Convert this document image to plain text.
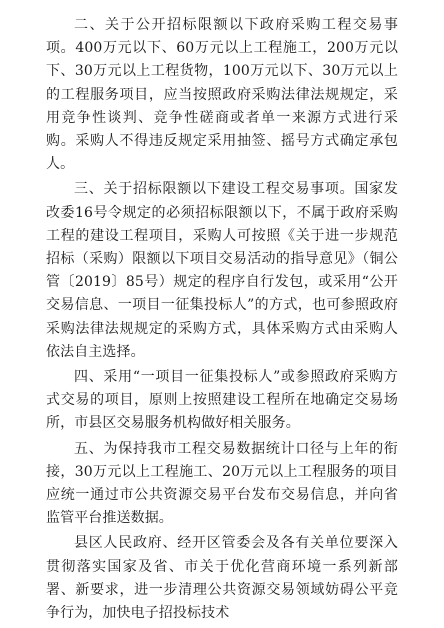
二、关于公开招标限额以下政府采购工程交易事项。400万元以下、60万元以上工程施工，200万元以下、30万元以上工程货物，100万元以下、30万元以上的工程服务项目，应当按照政府采购法律法规规定，采用竞争性谈判、竞争性磋商或者单一来源方式进行采购。采购人不得违反规定采用抽签、摇号方式确定承包人。

三、关于招标限额以下建设工程交易事项。国家发改委16号令规定的必须招标限额以下，不属于政府采购工程的建设工程项目，采购人可按照《关于进一步规范招标（采购）限额以下项目交易活动的指导意见》（铜公管〔2019〕85号）规定的程序自行发包，或采用“公开交易信息、一项目一征集投标人”的方式，也可参照政府采购法律法规规定的采购方式，具体采购方式由采购人依法自主选择。

四、采用“一项目一征集投标人”或参照政府采购方式交易的项目，原则上按照建设工程所在地确定交易场所，市县区交易服务机构做好相关服务。

五、为保持我市工程交易数据统计口径与上年的衔接，30万元以上工程施工、20万元以上工程服务的项目应统一通过市公共资源交易平台发布交易信息，并向省监管平台推送数据。

县区人民政府、经开区管委会及各有关单位要深入贯彻落实国家及省、市关于优化营商环境一系列新部署、新要求，进一步清理公共资源交易领域妨碍公平竞争行为，加快电子招投标技术
